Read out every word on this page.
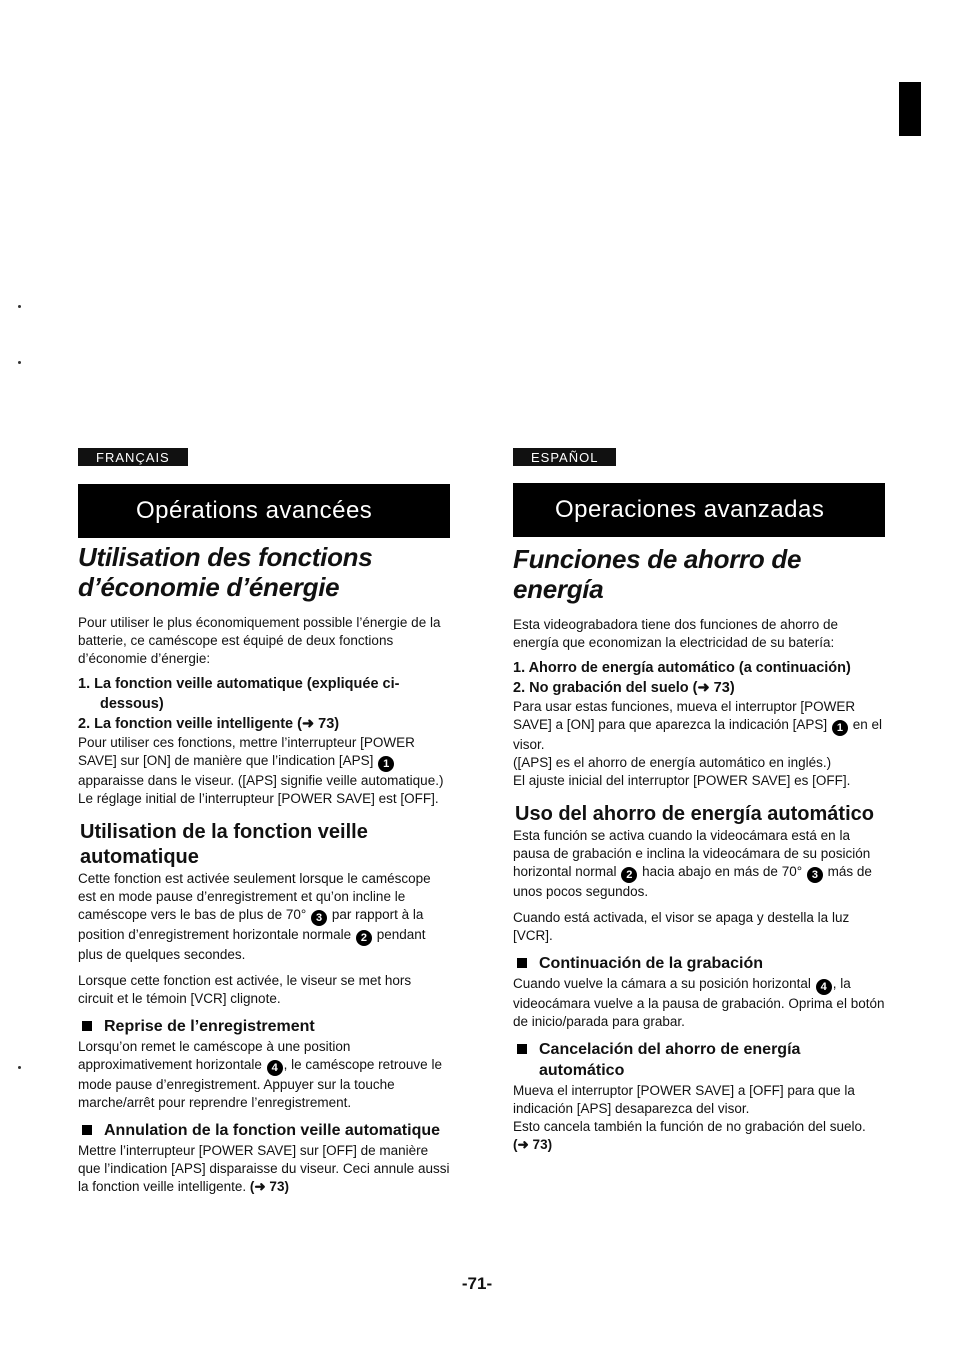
FRANÇAIS
Opérations avancées
Utilisation des fonctions
d’économie d’énergie

Pour utiliser le plus économiquement possible l’énergie de la batterie, ce caméscope est équipé de deux fonctions d’économie d’énergie:

1. La fonction veille automatique (expliquée ci-dessous)
2. La fonction veille intelligente (➜ 73)

Pour utiliser ces fonctions, mettre l’interrupteur [POWER SAVE] sur [ON] de manière que l’indication [APS] 1 apparaisse dans le viseur. ([APS] signifie veille automatique.)

Le réglage initial de l’interrupteur [POWER SAVE] est [OFF].

Utilisation de la fonction veille automatique

Cette fonction est activée seulement lorsque le caméscope est en mode pause d’enregistrement et qu’on incline le caméscope vers le bas de plus de 70° 3 par rapport à la position d’enregistrement horizontale normale 2 pendant plus de quelques secondes.

Lorsque cette fonction est activée, le viseur se met hors circuit et le témoin [VCR] clignote.

Reprise de l’enregistrement

Lorsqu’on remet le caméscope à une position approximativement horizontale 4 , le caméscope retrouve le mode pause d’enregistrement. Appuyer sur la touche marche/arrêt pour reprendre l’enregistrement.

Annulation de la fonction veille automatique

Mettre l’interrupteur [POWER SAVE] sur [OFF] de manière que l’indication [APS] disparaisse du viseur. Ceci annule aussi la fonction veille intelligente. (➜ 73)

ESPAÑOL
Operaciones avanzadas
Funciones de ahorro de
energía

Esta videograbadora tiene dos funciones de ahorro de energía que economizan la electricidad de su batería:

1. Ahorro de energía automático (a continuación)
2. No grabación del suelo (➜ 73)

Para usar estas funciones, mueva el interruptor [POWER SAVE] a [ON] para que aparezca la indicación [APS] 1 en el visor.

([APS] es el ahorro de energía automático en inglés.)

El ajuste inicial del interruptor [POWER SAVE] es [OFF].

Uso del ahorro de energía automático

Esta función se activa cuando la videocámara está en la pausa de grabación e inclina la videocámara de su posición horizontal normal 2 hacia abajo en más de 70° 3 más de unos pocos segundos.

Cuando está activada, el visor se apaga y destella la luz [VCR].

Continuación de la grabación

Cuando vuelve la cámara a su posición horizontal 4 , la videocámara vuelve a la pausa de grabación. Oprima el botón de inicio/parada para grabar.

Cancelación del ahorro de energía automático

Mueva el interruptor [POWER SAVE] a [OFF] para que la indicación [APS] desaparezca del visor.

Esto cancela también la función de no grabación del suelo. (➜ 73)

-71-
